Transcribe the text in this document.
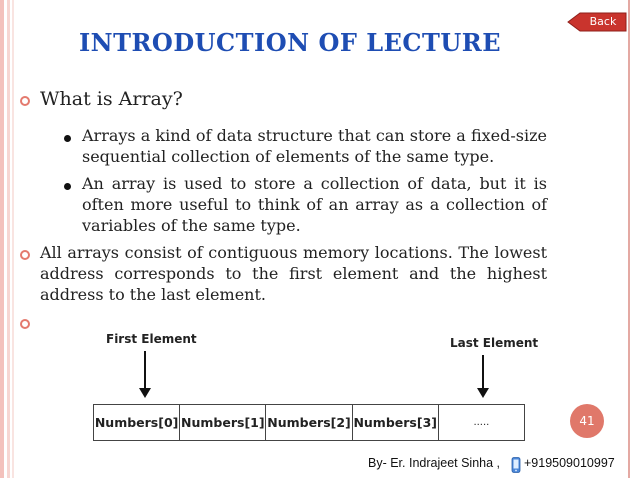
Back
INTRODUCTION OF LECTURE
What is Array?
Arrays a kind of data structure that can store a fixed-size sequential collection of elements of the same type.
An array is used to store a collection of data, but it is often more useful to think of an array as a collection of variables of the same type.
All arrays consist of contiguous memory locations. The lowest address corresponds to the first element and the highest address to the last element.
First Element	Last Element
Numbers[0] Numbers[1] Numbers[2] Numbers[3]	.....	41
By- Er. Indrajeet Sinha , +919509010997
